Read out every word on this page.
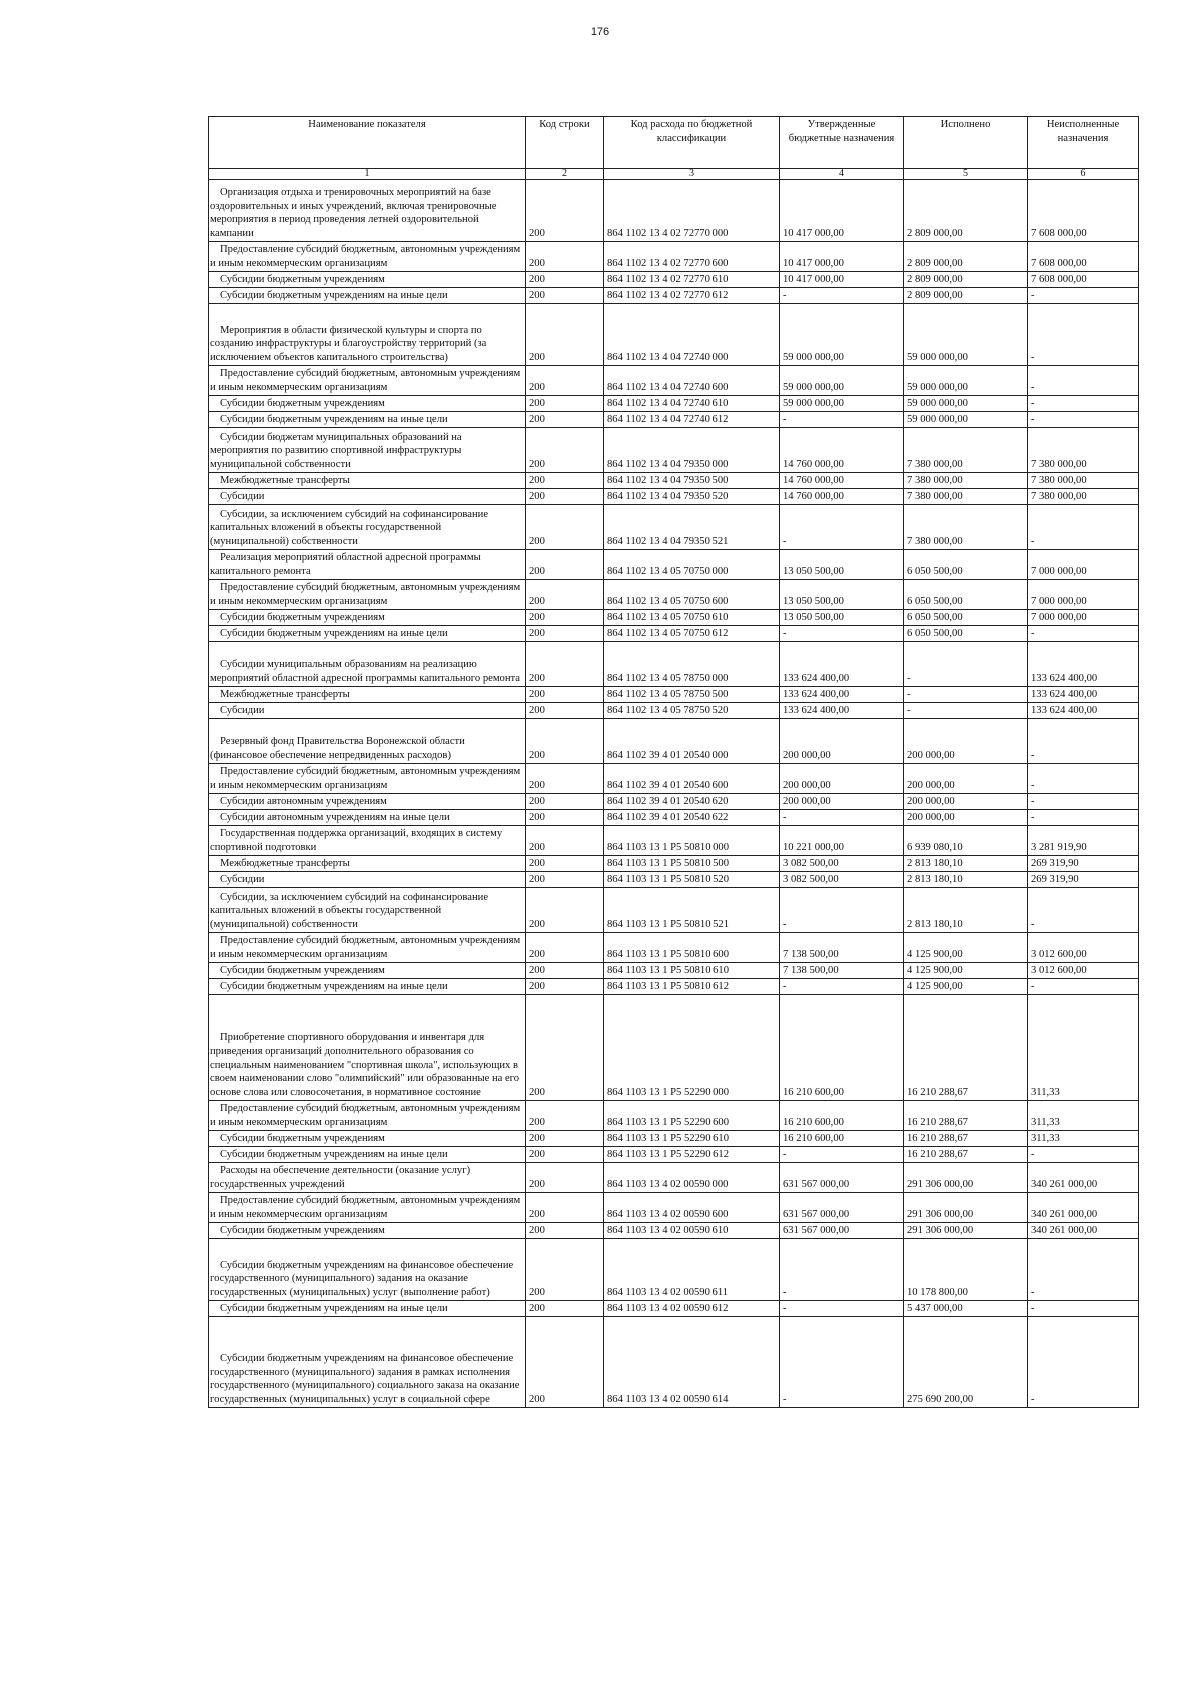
176
Наименование показателя	Код строки	Код расхода по бюджетной классификации	Утвержденные бюджетные назначения	Исполнено	Неисполненные назначения
1	2	3	4	5	6
Организация отдыха и тренировочных мероприятий на базе оздоровительных и иных учреждений, включая тренировочные мероприятия в период проведения летней оздоровительной кампании	200	864 1102 13 4 02 72770 000	10 417 000,00	2 809 000,00	7 608 000,00
Предоставление субсидий бюджетным, автономным учреждениям и иным некоммерческим организациям	200	864 1102 13 4 02 72770 600	10 417 000,00	2 809 000,00	7 608 000,00
Субсидии бюджетным учреждениям	200	864 1102 13 4 02 72770 610	10 417 000,00	2 809 000,00	7 608 000,00
Субсидии бюджетным учреждениям на иные цели	200	864 1102 13 4 02 72770 612	-	2 809 000,00	-
Мероприятия в области физической культуры и спорта по созданию инфраструктуры и благоустройству территорий (за исключением объектов капитального строительства)	200	864 1102 13 4 04 72740 000	59 000 000,00	59 000 000,00	-
Предоставление субсидий бюджетным, автономным учреждениям и иным некоммерческим организациям	200	864 1102 13 4 04 72740 600	59 000 000,00	59 000 000,00	-
Субсидии бюджетным учреждениям	200	864 1102 13 4 04 72740 610	59 000 000,00	59 000 000,00	-
Субсидии бюджетным учреждениям на иные цели	200	864 1102 13 4 04 72740 612	-	59 000 000,00	-
Субсидии бюджетам муниципальных образований на мероприятия по развитию спортивной инфраструктуры муниципальной собственности	200	864 1102 13 4 04 79350 000	14 760 000,00	7 380 000,00	7 380 000,00
Межбюджетные трансферты	200	864 1102 13 4 04 79350 500	14 760 000,00	7 380 000,00	7 380 000,00
Субсидии	200	864 1102 13 4 04 79350 520	14 760 000,00	7 380 000,00	7 380 000,00
Субсидии, за исключением субсидий на софинансирование капитальных вложений в объекты государственной (муниципальной) собственности	200	864 1102 13 4 04 79350 521	-	7 380 000,00	-
Реализация мероприятий областной адресной программы капитального ремонта	200	864 1102 13 4 05 70750 000	13 050 500,00	6 050 500,00	7 000 000,00
Предоставление субсидий бюджетным, автономным учреждениям и иным некоммерческим организациям	200	864 1102 13 4 05 70750 600	13 050 500,00	6 050 500,00	7 000 000,00
Субсидии бюджетным учреждениям	200	864 1102 13 4 05 70750 610	13 050 500,00	6 050 500,00	7 000 000,00
Субсидии бюджетным учреждениям на иные цели	200	864 1102 13 4 05 70750 612	-	6 050 500,00	-
Субсидии муниципальным образованиям на реализацию мероприятий областной адресной программы капитального ремонта	200	864 1102 13 4 05 78750 000	133 624 400,00	-	133 624 400,00
Межбюджетные трансферты	200	864 1102 13 4 05 78750 500	133 624 400,00	-	133 624 400,00
Субсидии	200	864 1102 13 4 05 78750 520	133 624 400,00	-	133 624 400,00
Резервный фонд Правительства Воронежской области (финансовое обеспечение непредвиденных расходов)	200	864 1102 39 4 01 20540 000	200 000,00	200 000,00	-
Предоставление субсидий бюджетным, автономным учреждениям и иным некоммерческим организациям	200	864 1102 39 4 01 20540 600	200 000,00	200 000,00	-
Субсидии автономным учреждениям	200	864 1102 39 4 01 20540 620	200 000,00	200 000,00	-
Субсидии автономным учреждениям на иные цели	200	864 1102 39 4 01 20540 622	-	200 000,00	-
Государственная поддержка организаций, входящих в систему спортивной подготовки	200	864 1103 13 1 Р5 50810 000	10 221 000,00	6 939 080,10	3 281 919,90
Межбюджетные трансферты	200	864 1103 13 1 Р5 50810 500	3 082 500,00	2 813 180,10	269 319,90
Субсидии	200	864 1103 13 1 Р5 50810 520	3 082 500,00	2 813 180,10	269 319,90
Субсидии, за исключением субсидий на софинансирование капитальных вложений в объекты государственной (муниципальной) собственности	200	864 1103 13 1 Р5 50810 521	-	2 813 180,10	-
Предоставление субсидий бюджетным, автономным учреждениям и иным некоммерческим организациям	200	864 1103 13 1 Р5 50810 600	7 138 500,00	4 125 900,00	3 012 600,00
Субсидии бюджетным учреждениям	200	864 1103 13 1 Р5 50810 610	7 138 500,00	4 125 900,00	3 012 600,00
Субсидии бюджетным учреждениям на иные цели	200	864 1103 13 1 Р5 50810 612	-	4 125 900,00	-
Приобретение спортивного оборудования и инвентаря для приведения организаций дополнительного образования со специальным наименованием "спортивная школа", использующих в своем наименовании слово "олимпийский" или образованные на его основе слова или словосочетания, в нормативное состояние	200	864 1103 13 1 Р5 52290 000	16 210 600,00	16 210 288,67	311,33
Предоставление субсидий бюджетным, автономным учреждениям и иным некоммерческим организациям	200	864 1103 13 1 Р5 52290 600	16 210 600,00	16 210 288,67	311,33
Субсидии бюджетным учреждениям	200	864 1103 13 1 Р5 52290 610	16 210 600,00	16 210 288,67	311,33
Субсидии бюджетным учреждениям на иные цели	200	864 1103 13 1 Р5 52290 612	-	16 210 288,67	-
Расходы на обеспечение деятельности (оказание услуг) государственных учреждений	200	864 1103 13 4 02 00590 000	631 567 000,00	291 306 000,00	340 261 000,00
Предоставление субсидий бюджетным, автономным учреждениям и иным некоммерческим организациям	200	864 1103 13 4 02 00590 600	631 567 000,00	291 306 000,00	340 261 000,00
Субсидии бюджетным учреждениям	200	864 1103 13 4 02 00590 610	631 567 000,00	291 306 000,00	340 261 000,00
Субсидии бюджетным учреждениям на финансовое обеспечение государственного (муниципального) задания на оказание государственных (муниципальных) услуг (выполнение работ)	200	864 1103 13 4 02 00590 611	-	10 178 800,00	-
Субсидии бюджетным учреждениям на иные цели	200	864 1103 13 4 02 00590 612	-	5 437 000,00	-
Субсидии бюджетным учреждениям на финансовое обеспечение государственного (муниципального) задания в рамках исполнения государственного (муниципального) социального заказа на оказание государственных (муниципальных) услуг в социальной сфере	200	864 1103 13 4 02 00590 614	-	275 690 200,00	-
